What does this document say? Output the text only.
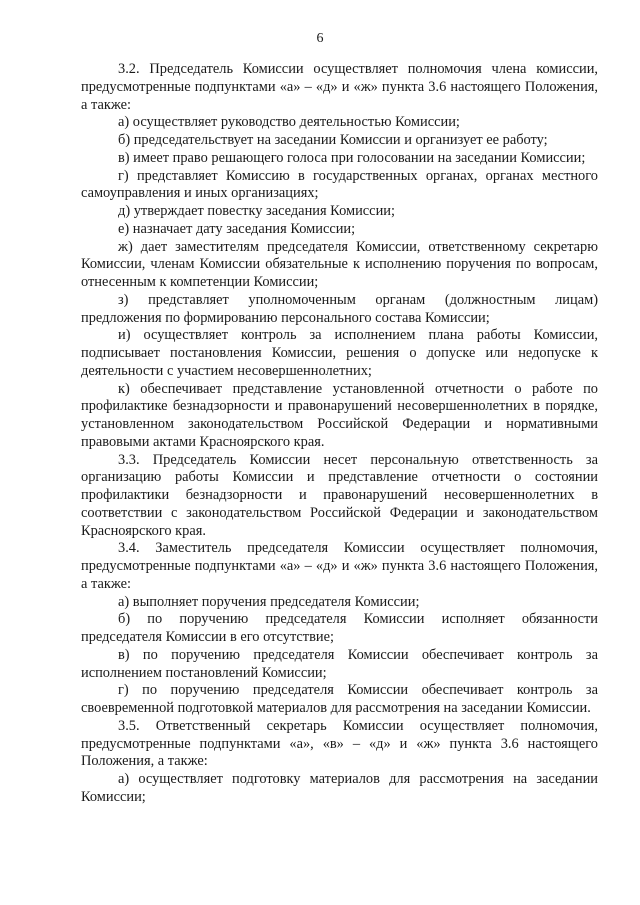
6

3.2. Председатель Комиссии осуществляет полномочия члена комиссии, предусмотренные подпунктами «а» – «д» и «ж» пункта 3.6 настоящего Положения, а также:

а) осуществляет руководство деятельностью Комиссии;

б) председательствует на заседании Комиссии и организует ее работу;

в) имеет право решающего голоса при голосовании на заседании Комиссии;

г) представляет Комиссию в государственных органах, органах местного самоуправления и иных организациях;

д) утверждает повестку заседания Комиссии;

е) назначает дату заседания Комиссии;

ж) дает заместителям председателя Комиссии, ответственному секретарю Комиссии, членам Комиссии обязательные к исполнению поручения по вопросам, отнесенным к компетенции Комиссии;

з) представляет уполномоченным органам (должностным лицам) предложения по формированию персонального состава Комиссии;

и) осуществляет контроль за исполнением плана работы Комиссии, подписывает постановления Комиссии, решения о допуске или недопуске к деятельности с участием несовершеннолетних;

к) обеспечивает представление установленной отчетности о работе по профилактике безнадзорности и правонарушений несовершеннолетних в порядке, установленном законодательством Российской Федерации и нормативными правовыми актами Красноярского края.

3.3. Председатель Комиссии несет персональную ответственность за организацию работы Комиссии и представление отчетности о состоянии профилактики безнадзорности и правонарушений несовершеннолетних в соответствии с законодательством Российской Федерации и законодательством Красноярского края.

3.4. Заместитель председателя Комиссии осуществляет полномочия, предусмотренные подпунктами «а» – «д» и «ж» пункта 3.6 настоящего Положения, а также:

а) выполняет поручения председателя Комиссии;

б) по поручению председателя Комиссии исполняет обязанности председателя Комиссии в его отсутствие;

в) по поручению председателя Комиссии обеспечивает контроль за исполнением постановлений Комиссии;

г) по поручению председателя Комиссии обеспечивает контроль за своевременной подготовкой материалов для рассмотрения на заседании Комиссии.

3.5. Ответственный секретарь Комиссии осуществляет полномочия, предусмотренные подпунктами «а», «в» – «д» и «ж» пункта 3.6 настоящего Положения, а также:

а) осуществляет подготовку материалов для рассмотрения на заседании Комиссии;
